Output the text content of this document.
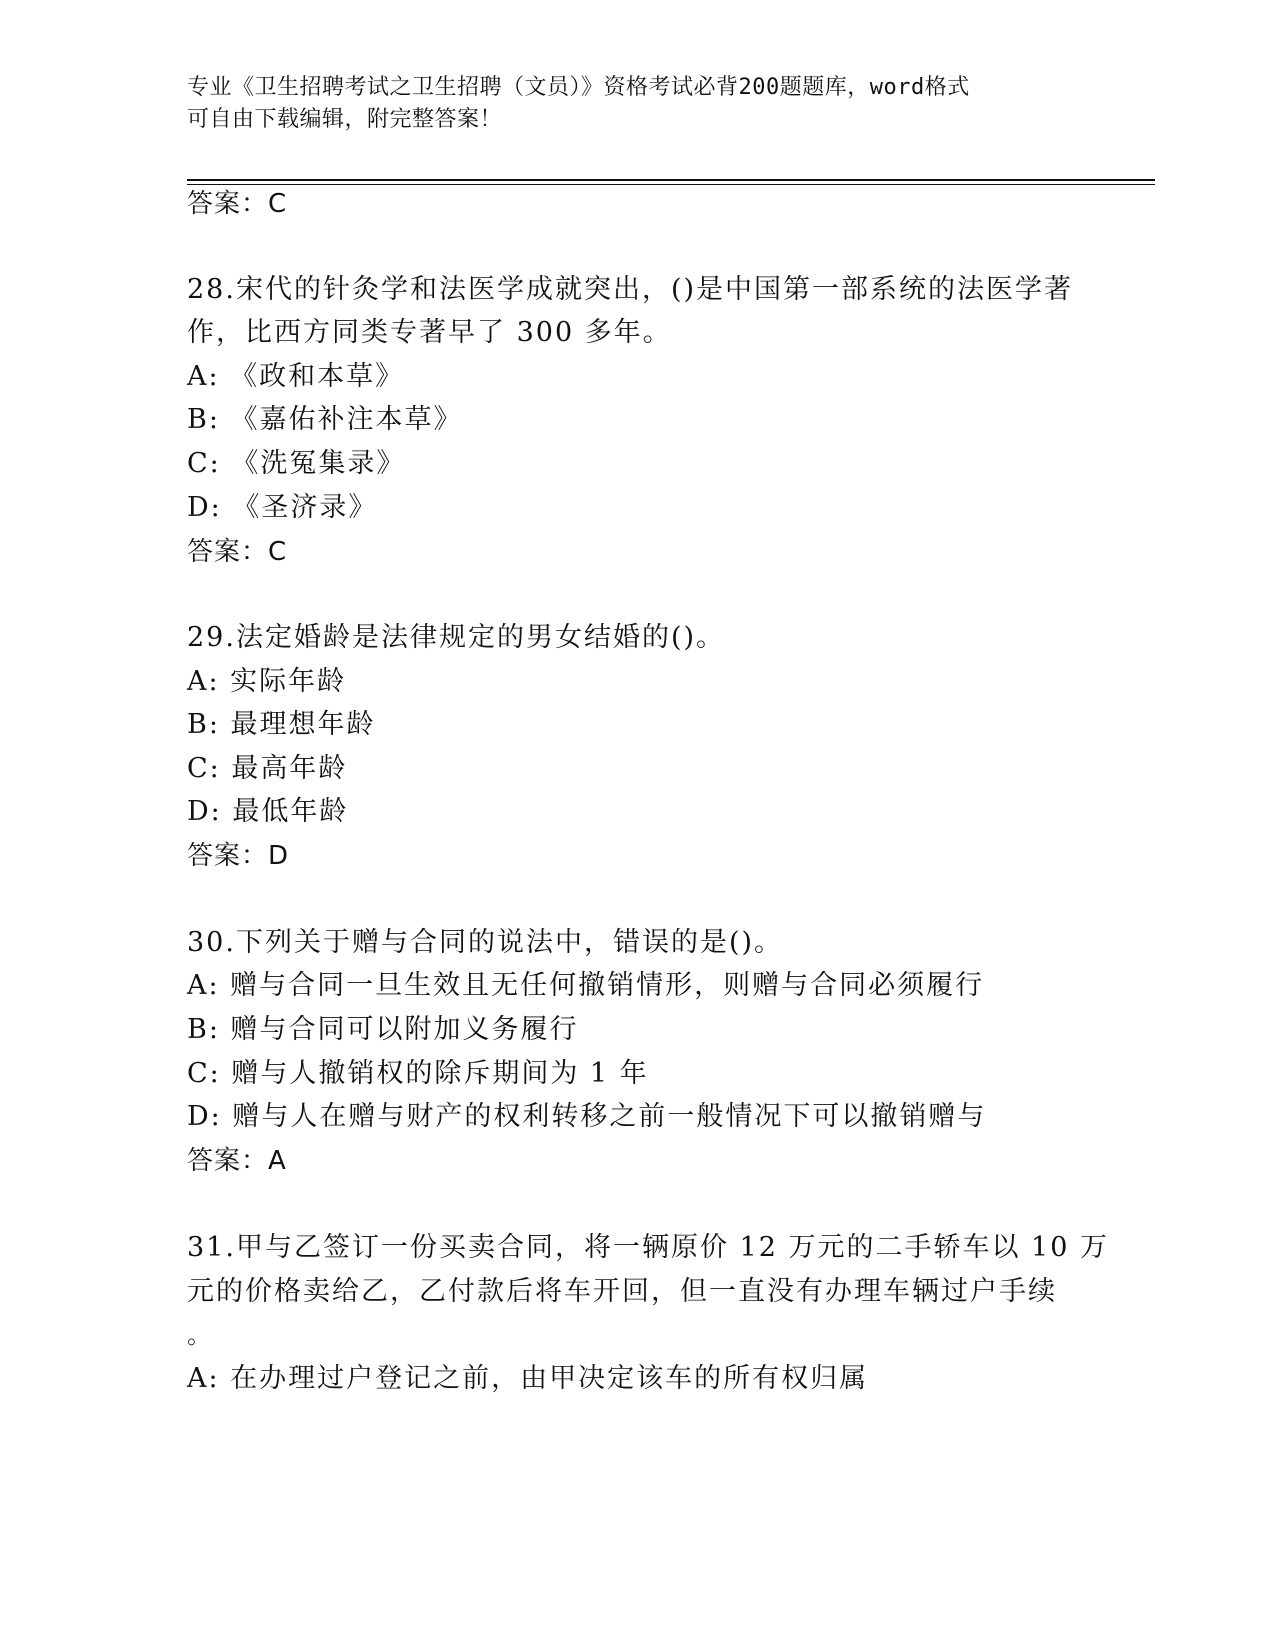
专业《卫生招聘考试之卫生招聘（文员）》资格考试必背200题题库，word格式
可自由下载编辑，附完整答案！
答案：C
28.宋代的针灸学和法医学成就突出，()是中国第一部系统的法医学著
作，比西方同类专著早了 300 多年。
A: 《政和本草》
B: 《嘉佑补注本草》
C: 《洗冤集录》
D: 《圣济录》
答案：C
29.法定婚龄是法律规定的男女结婚的()。
A: 实际年龄
B: 最理想年龄
C: 最高年龄
D: 最低年龄
答案：D
30.下列关于赠与合同的说法中，错误的是()。
A: 赠与合同一旦生效且无任何撤销情形，则赠与合同必须履行
B: 赠与合同可以附加义务履行
C: 赠与人撤销权的除斥期间为 1 年
D: 赠与人在赠与财产的权利转移之前一般情况下可以撤销赠与
答案：A
31.甲与乙签订一份买卖合同，将一辆原价 12 万元的二手轿车以 10 万
元的价格卖给乙，乙付款后将车开回，但一直没有办理车辆过户手续
。
A: 在办理过户登记之前，由甲决定该车的所有权归属
